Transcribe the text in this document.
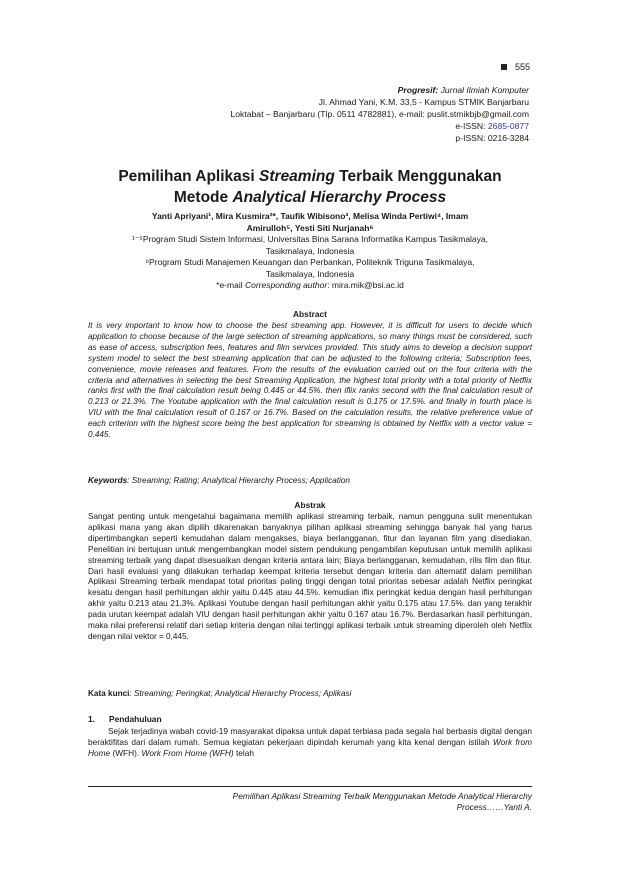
555
Progresif: Jurnal Ilmiah Komputer
Jl. Ahmad Yani, K.M. 33,5 - Kampus STMIK Banjarbaru
Loktabat – Banjarbaru (Tlp. 0511 4782881), e-mail: puslit.stmikbjb@gmail.com
e-ISSN: 2685-0877
p-ISSN: 0216-3284
Pemilihan Aplikasi Streaming Terbaik Menggunakan
Metode Analytical Hierarchy Process
Yanti Apriyani¹, Mira Kusmira²*, Taufik Wibisono³, Melisa Winda Pertiwi⁴, Imam
Amirulloh⁵, Yesti Siti Nurjanah⁶
¹⁻⁵Program Studi Sistem Informasi, Universitas Bina Sarana Informatika Kampus Tasikmalaya,
Tasikmalaya, Indonesia
⁶Program Studi Manajemen Keuangan dan Perbankan, Politeknik Triguna Tasikmalaya,
Tasikmalaya, Indonesia
*e-mail Corresponding author: mira.mik@bsi.ac.id
Abstract
It is very important to know how to choose the best streaming app. However, it is difficult for users to decide which application to choose because of the large selection of streaming applications, so many things must be considered, such as ease of access, subscription fees, features and film services provided. This study aims to develop a decision support system model to select the best streaming application that can be adjusted to the following criteria; Subscription fees, convenience, movie releases and features. From the results of the evaluation carried out on the four criteria with the criteria and alternatives in selecting the best Streaming Application, the highest total priority with a total priority of Netflix ranks first with the final calculation result being 0.445 or 44.5%. then iflix ranks second with the final calculation result of 0.213 or 21.3%. The Youtube application with the final calculation result is 0.175 or 17.5%. and finally in fourth place is VIU with the final calculation result of 0.167 or 16.7%. Based on the calculation results, the relative preference value of each criterion with the highest score being the best application for streaming is obtained by Netflix with a vector value = 0.445.
Keywords: Streaming; Rating; Analytical Hierarchy Process; Application
Abstrak
Sangat penting untuk mengetahui bagaimana memilih aplikasi streaming terbaik, namun pengguna sulit menentukan aplikasi mana yang akan dipilih dikarenakan banyaknya pilihan aplikasi streaming sehingga banyak hal yang harus dipertimbangkan seperti kemudahan dalam mengakses, biaya berlangganan, fitur dan layanan film yang disediakan. Penelitian ini bertujuan untuk mengembangkan model sistem pendukung pengambilan keputusan untuk memilih aplikasi streaming terbaik yang dapat disesuaikan dengan kriteria antara lain; Biaya berlangganan, kemudahan, rilis film dan fitur. Dari hasil evaluasi yang dilakukan terhadap keempat kriteria tersebut dengan kriteria dan alternatif dalam pemilihan Aplikasi Streaming terbaik mendapat total prioritas paling tinggi dengan total prioritas sebesar adalah Netflix peringkat kesatu dengan hasil perhitungan akhir yaitu 0.445 atau 44.5%. kemudian iflix peringkat kedua dengan hasil perhitungan akhir yaitu 0.213 atau 21.3%. Aplikasi Youtube dengan hasil perhitungan akhir yaitu 0.175 atau 17.5%. dan yang terakhir pada urutan keempat adalah VIU dengan hasil perhitungan akhir yaitu 0.167 atau 16.7%. Berdasarkan hasil perhitungan, maka nilai preferensi relatif dari setiap kriteria dengan nilai tertinggi aplikasi terbaik untuk streaming diperoleh oleh Netflix dengan nilai vektor = 0,445.
Kata kunci: Streaming; Peringkat; Analytical Hierarchy Process; Aplikasi
1. Pendahuluan
Sejak terjadinya wabah covid-19 masyarakat dipaksa untuk dapat terbiasa pada segala hal berbasis digital dengan beraktifitas dari dalam rumah. Semua kegiatan pekerjaan dipindah kerumah yang kita kenal dengan istilah Work from Home (WFH). Work From Home (WFH) telah
Pemilihan Aplikasi Streaming Terbaik Menggunakan Metode Analytical Hierarchy
Process……Yanti A.
